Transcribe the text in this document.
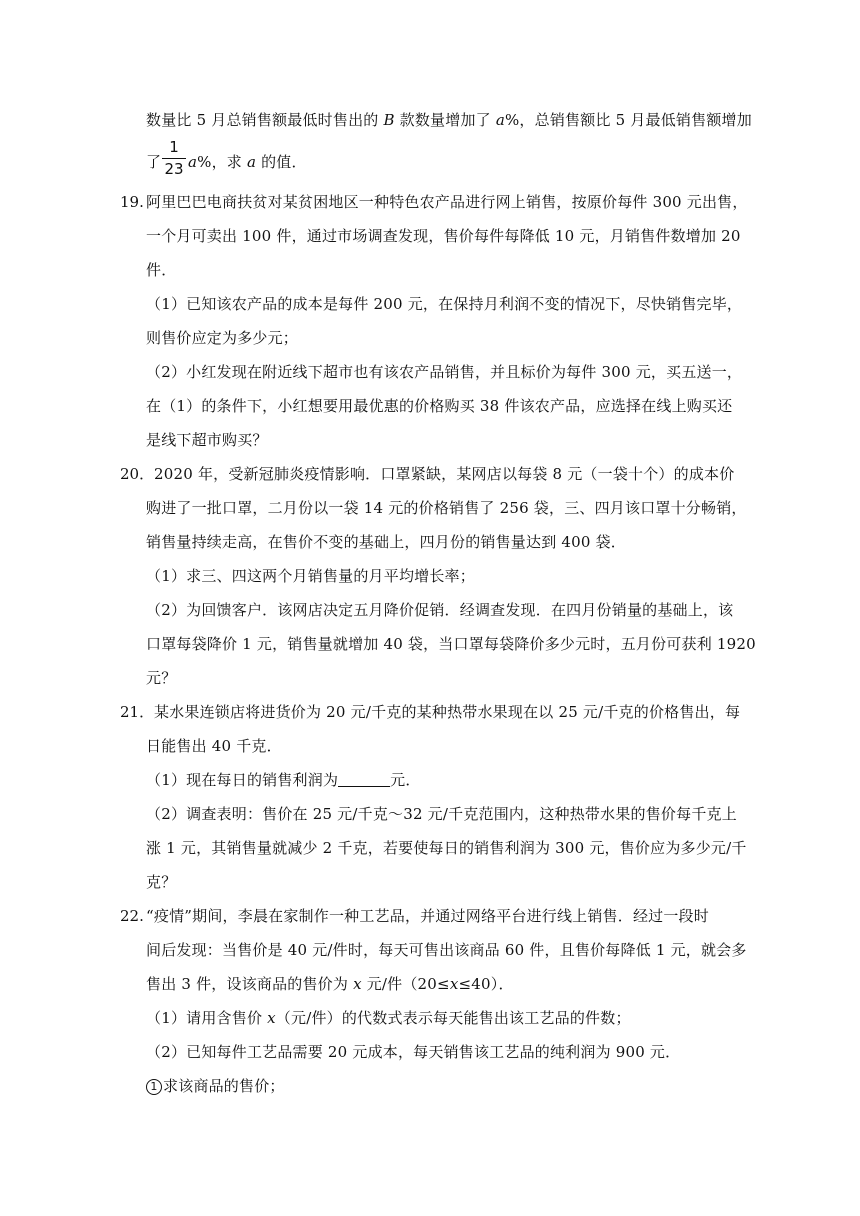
数量比 5 月总销售额最低时售出的 B 款数量增加了 a%，总销售额比 5 月最低销售额增加
了
1
23 a%，求 a 的值．
19. 阿里巴巴电商扶贫对某贫困地区一种特色农产品进行网上销售，按原价每件 300 元出售，
一个月可卖出 100 件，通过市场调查发现，售价每件每降低 10 元，月销售件数增加 20
件．
（1）已知该农产品的成本是每件 200 元，在保持月利润不变的情况下，尽快销售完毕，
则售价应定为多少元；
（2）小红发现在附近线下超市也有该农产品销售，并且标价为每件 300 元，买五送一，
在（1）的条件下，小红想要用最优惠的价格购买 38 件该农产品，应选择在线上购买还
是线下超市购买？
20． 2020 年，受新冠肺炎疫情影响．口罩紧缺，某网店以每袋 8 元（一袋十个）的成本价
购进了一批口罩，二月份以一袋 14 元的价格销售了 256 袋，三、四月该口罩十分畅销，
销售量持续走高，在售价不变的基础上，四月份的销售量达到 400 袋．
（1）求三、四这两个月销售量的月平均增长率；
（2）为回馈客户．该网店决定五月降价促销．经调查发现．在四月份销量的基础上，该
口罩每袋降价 1 元，销售量就增加 40 袋，当口罩每袋降价多少元时，五月份可获利 1920
元？
21． 某水果连锁店将进货价为 20 元/千克的某种热带水果现在以 25 元/千克的价格售出，每
日能售出 40 千克．
（1）现在每日的销售利润为	元．
（2）调查表明：售价在 25 元/千克～32 元/千克范围内，这种热带水果的售价每千克上
涨 1 元，其销售量就减少 2 千克，若要使每日的销售利润为 300 元，售价应为多少元/千
克？
22. “疫情”期间，李晨在家制作一种工艺品，并通过网络平台进行线上销售．经过一段时
间后发现：当售价是 40 元/件时，每天可售出该商品 60 件，且售价每降低 1 元，就会多
售出 3 件，设该商品的售价为 x 元/件（20≤x≤40）．
（1）请用含售价 x（元/件）的代数式表示每天能售出该工艺品的件数；
（2）已知每件工艺品需要 20 元成本，每天销售该工艺品的纯利润为 900 元．
1 求该商品的售价；
